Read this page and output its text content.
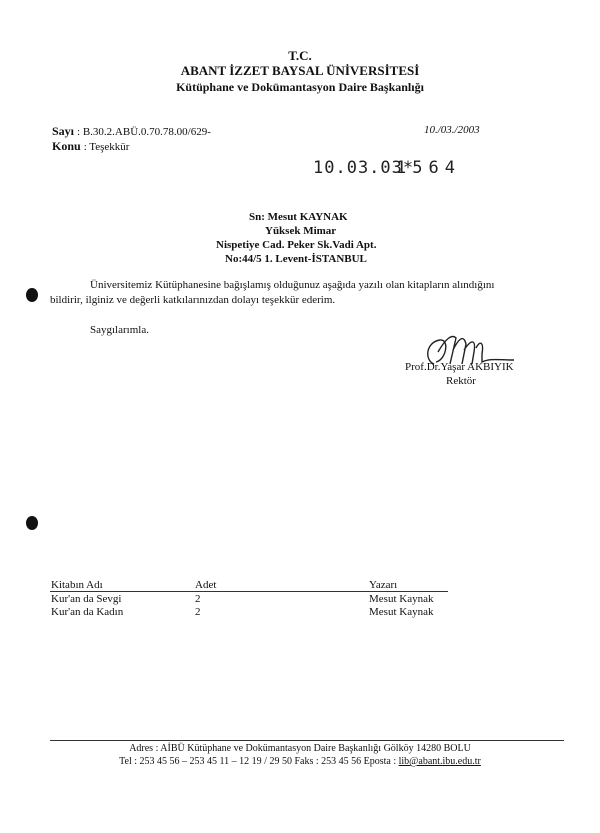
T.C.
ABANT İZZET BAYSAL ÜNİVERSİTESİ
Kütüphane ve Dokümantasyon Daire Başkanlığı
Sayı : B.30.2.ABÜ.0.70.78.00/629-	10./03./2003
Konu : Teşekkür
10.03.03*
1564
Sn: Mesut KAYNAK
Yüksek Mimar
Nispetiye Cad. Peker Sk.Vadi Apt.
No:44/5 1. Levent-İSTANBUL
Üniversitemiz Kütüphanesine bağışlamış olduğunuz aşağıda yazılı olan kitapların alındığını
bildirir, ilginiz ve değerli katkılarınızdan dolayı teşekkür ederim.
Saygılarımla.
Prof.Dr.Yaşar AKBIYIK
Rektör
Kitabın Adı	Adet	Yazarı
Kur'an da Sevgi	2	Mesut Kaynak
Kur'an da Kadın	2	Mesut Kaynak
Adres : AİBÜ Kütüphane ve Dokümantasyon Daire Başkanlığı Gölköy 14280 BOLU
Tel : 253 45 56 – 253 45 11 – 12 19 / 29 50 Faks : 253 45 56 Eposta : lib@abant.ibu.edu.tr
